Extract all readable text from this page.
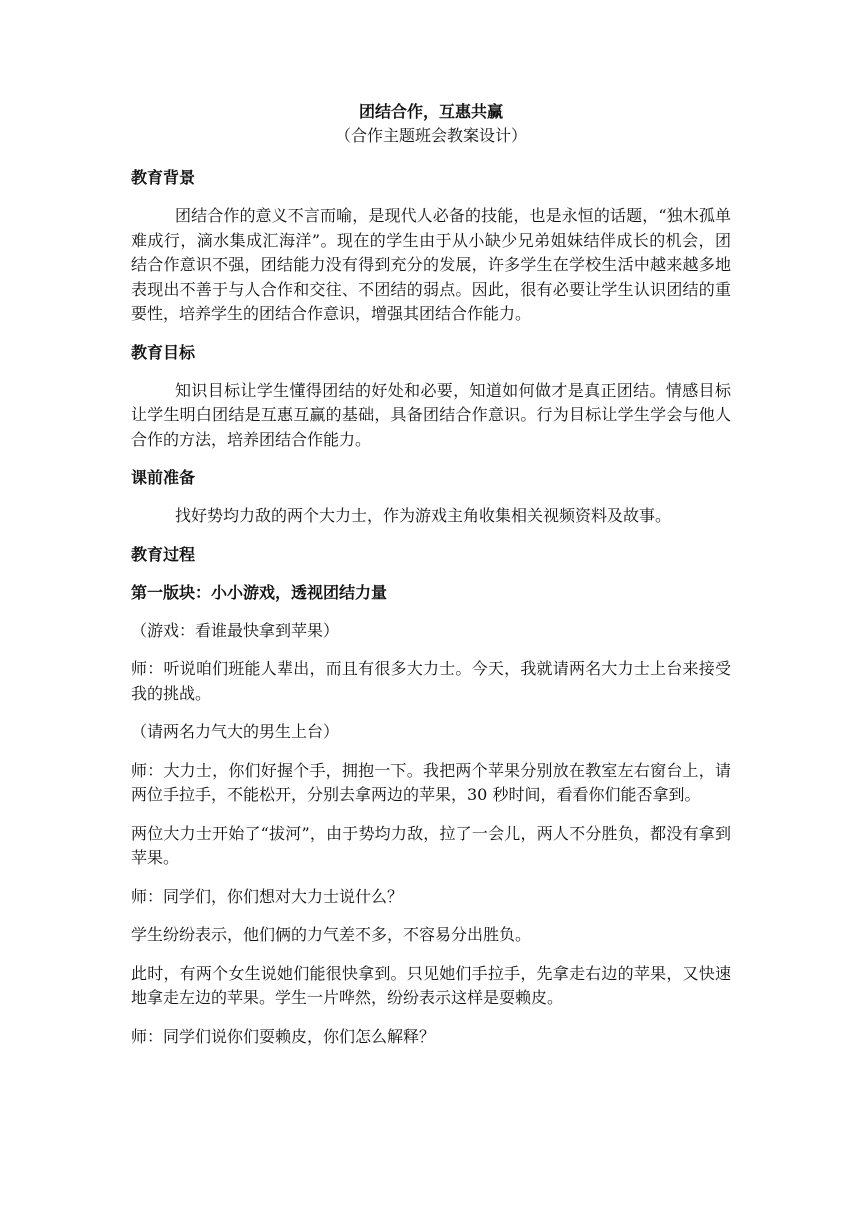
团结合作，互惠共赢

（合作主题班会教案设计）

教育背景

团结合作的意义不言而喻，是现代人必备的技能，也是永恒的话题，“独木孤单难成行，滴水集成汇海洋”。现在的学生由于从小缺少兄弟姐妹结伴成长的机会，团结合作意识不强，团结能力没有得到充分的发展，许多学生在学校生活中越来越多地表现出不善于与人合作和交往、不团结的弱点。因此，很有必要让学生认识团结的重要性，培养学生的团结合作意识，增强其团结合作能力。

教育目标

知识目标让学生懂得团结的好处和必要，知道如何做才是真正团结。情感目标让学生明白团结是互惠互赢的基础，具备团结合作意识。行为目标让学生学会与他人合作的方法，培养团结合作能力。

课前准备

找好势均力敌的两个大力士，作为游戏主角收集相关视频资料及故事。

教育过程

第一版块：小小游戏，透视团结力量

（游戏：看谁最快拿到苹果）

师：听说咱们班能人辈出，而且有很多大力士。今天，我就请两名大力士上台来接受我的挑战。

（请两名力气大的男生上台）

师：大力士，你们好握个手，拥抱一下。我把两个苹果分别放在教室左右窗台上，请两位手拉手，不能松开，分别去拿两边的苹果，30 秒时间，看看你们能否拿到。

两位大力士开始了“拔河”，由于势均力敌，拉了一会儿，两人不分胜负，都没有拿到苹果。

师：同学们，你们想对大力士说什么？

学生纷纷表示，他们俩的力气差不多，不容易分出胜负。

此时，有两个女生说她们能很快拿到。只见她们手拉手，先拿走右边的苹果，又快速地拿走左边的苹果。学生一片哗然，纷纷表示这样是耍赖皮。

师：同学们说你们耍赖皮，你们怎么解释？
